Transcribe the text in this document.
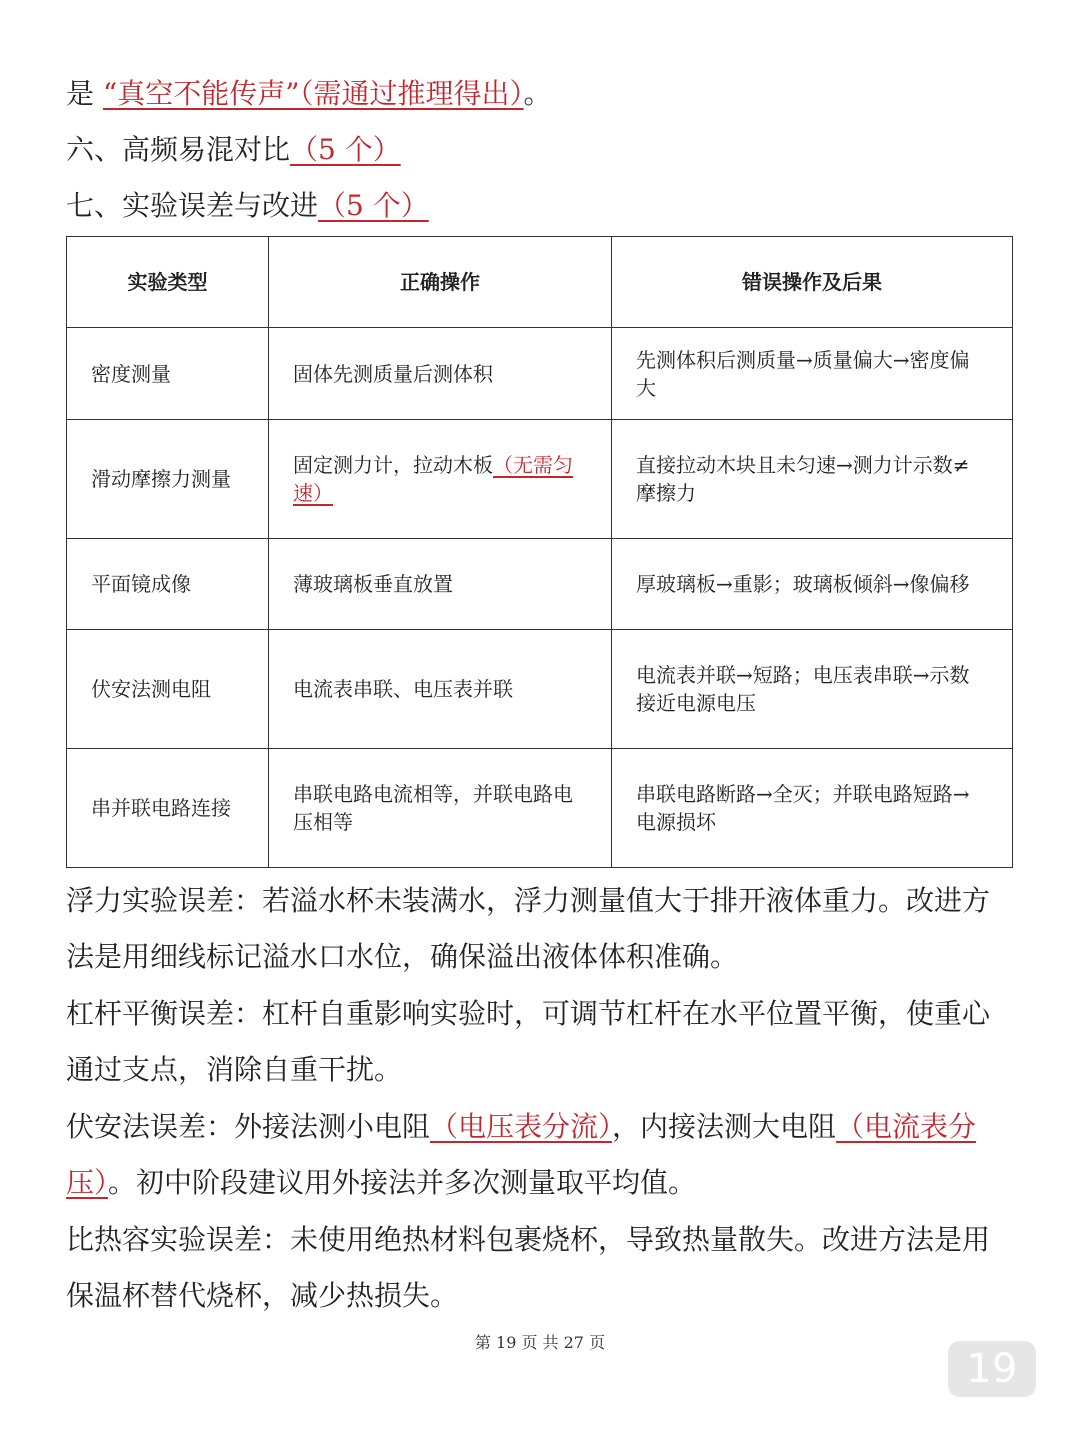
是 “真空不能传声”（需通过推理得出）。
六、高频易混对比（5 个）
七、实验误差与改进（5 个）
实验类型	正确操作	错误操作及后果
密度测量	固体先测质量后测体积	先测体积后测质量→质量偏大→密度偏大
滑动摩擦力测量	固定测力计，拉动木板（无需匀速）	直接拉动木块且未匀速→测力计示数≠摩擦力
平面镜成像	薄玻璃板垂直放置	厚玻璃板→重影；玻璃板倾斜→像偏移
伏安法测电阻	电流表串联、电压表并联	电流表并联→短路；电压表串联→示数接近电源电压
串并联电路连接	串联电路电流相等，并联电路电压相等	串联电路断路→全灭；并联电路短路→电源损坏
浮力实验误差：若溢水杯未装满水，浮力测量值大于排开液体重力。改进方法是用细线标记溢水口水位，确保溢出液体体积准确。
杠杆平衡误差：杠杆自重影响实验时，可调节杠杆在水平位置平衡，使重心通过支点，消除自重干扰。
伏安法误差：外接法测小电阻（电压表分流），内接法测大电阻（电流表分压）。初中阶段建议用外接法并多次测量取平均值。
比热容实验误差：未使用绝热材料包裹烧杯，导致热量散失。改进方法是用保温杯替代烧杯，减少热损失。
第 19 页 共 27 页
19
